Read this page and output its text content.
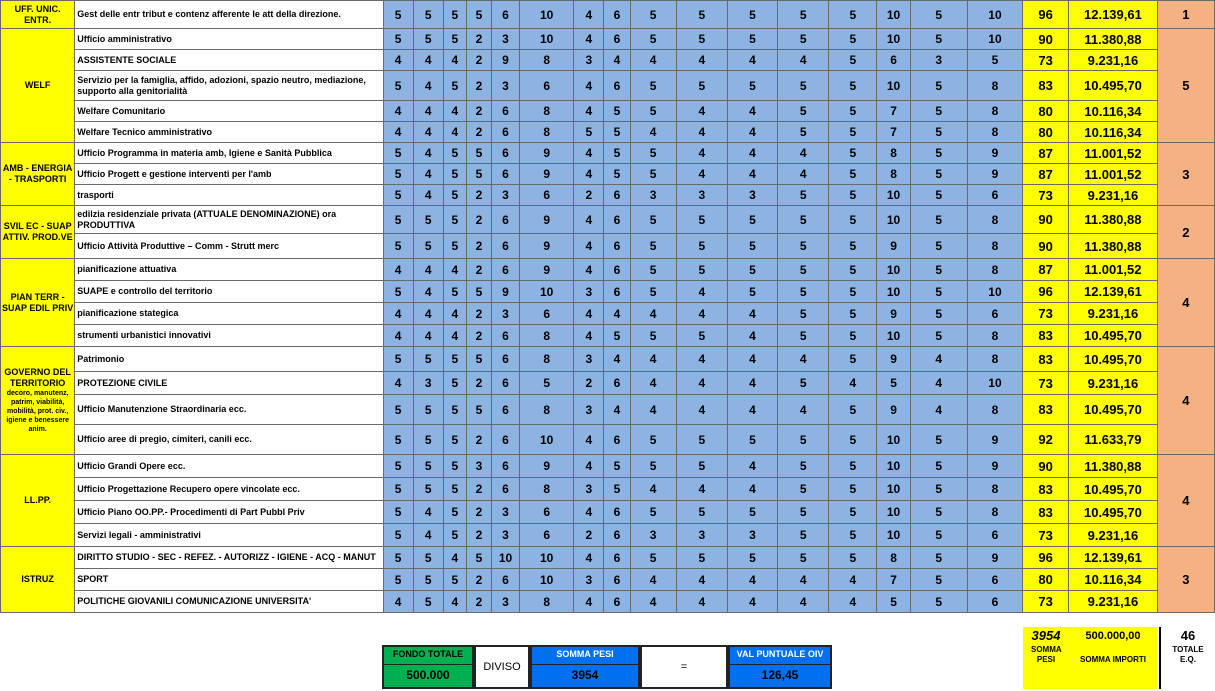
UFF. UNIC. ENTR.	Gest delle entr tribut e contenz afferente le att della direzione.	5	5	5	5	6	10	4	6	5	5	5	5	5	10	5	10	96	12.139,61	1
WELF	Ufficio amministrativo	5	5	5	2	3	10	4	6	5	5	5	5	5	10	5	10	90	11.380,88	5
	ASSISTENTE SOCIALE	4	4	4	2	9	8	3	4	4	4	4	4	5	6	3	5	73	9.231,16	
	Servizio per la famiglia, affido, adozioni, spazio neutro, mediazione, supporto alla genitorialità	5	4	5	2	3	6	4	6	5	5	5	5	5	10	5	8	83	10.495,70	
	Welfare Comunitario	4	4	4	2	6	8	4	5	5	4	4	5	5	7	5	8	80	10.116,34	
	Welfare Tecnico amministrativo	4	4	4	2	6	8	5	5	4	4	4	5	5	7	5	8	80	10.116,34	
AMB - ENERGIA - TRASPORTI	Ufficio Programma in materia amb, Igiene e Sanità Pubblica	5	4	5	5	6	9	4	5	5	4	4	4	5	8	5	9	87	11.001,52	3
	Ufficio Progett e gestione interventi per l'amb	5	4	5	5	6	9	4	5	5	4	4	4	5	8	5	9	87	11.001,52	
	trasporti	5	4	5	2	3	6	2	6	3	3	3	5	5	10	5	6	73	9.231,16	
SVIL EC - SUAP ATTIV. PROD.VE	edilzia residenziale privata (ATTUALE DENOMINAZIONE) ora PRODUTTIVA	5	5	5	2	6	9	4	6	5	5	5	5	5	10	5	8	90	11.380,88	2
	Ufficio Attività Produttive – Comm - Strutt merc	5	5	5	2	6	9	4	6	5	5	5	5	5	9	5	8	90	11.380,88	
PIAN TERR - SUAP EDIL PRIV	pianificazione attuativa	4	4	4	2	6	9	4	6	5	5	5	5	5	10	5	8	87	11.001,52	4
	SUAPE e controllo del territorio	5	4	5	5	9	10	3	6	5	4	5	5	5	10	5	10	96	12.139,61	
	pianificazione stategica	4	4	4	2	3	6	4	4	4	4	4	5	5	9	5	6	73	9.231,16	
	strumenti urbanistici innovativi	4	4	4	2	6	8	4	5	5	5	4	5	5	10	5	8	83	10.495,70	
GOVERNO DEL TERRITORIO
decoro, manutenz, patrim, viabilità, mobilità, prot. civ., igiene e benessere anim.	Patrimonio	5	5	5	5	6	8	3	4	4	4	4	4	5	9	4	8	83	10.495,70	4
	PROTEZIONE CIVILE	4	3	5	2	6	5	2	6	4	4	4	5	4	5	4	10	73	9.231,16	
	Ufficio Manutenzione Straordinaria ecc.	5	5	5	5	6	8	3	4	4	4	4	4	5	9	4	8	83	10.495,70	
	Ufficio aree di pregio, cimiteri, canili ecc.	5	5	5	2	6	10	4	6	5	5	5	5	5	10	5	9	92	11.633,79	
LL.PP.	Ufficio Grandi Opere ecc.	5	5	5	3	6	9	4	5	5	5	4	5	5	10	5	9	90	11.380,88	4
	Ufficio Progettazione Recupero opere vincolate ecc.	5	5	5	2	6	8	3	5	4	4	4	5	5	10	5	8	83	10.495,70	
	Ufficio Piano OO.PP.- Procedimenti di Part Pubbl Priv	5	4	5	2	3	6	4	6	5	5	5	5	5	10	5	8	83	10.495,70	
	Servizi legali - amministrativi	5	4	5	2	3	6	2	6	3	3	3	5	5	10	5	6	73	9.231,16	
ISTRUZ	DIRITTO STUDIO - SEC - REFEZ. - AUTORIZZ - IGIENE - ACQ - MANUT	5	5	4	5	10	10	4	6	5	5	5	5	5	8	5	9	96	12.139,61	3
	SPORT	5	5	5	2	6	10	3	6	4	4	4	4	4	7	5	6	80	10.116,34	
	POLITICHE GIOVANILI COMUNICAZIONE UNIVERSITA'	4	5	4	2	3	8	4	6	4	4	4	4	4	5	5	6	73	9.231,16	
3954
SOMMA PESI
500.000,00
SOMMA IMPORTI
46
TOTALE E.Q.
FONDO TOTALE
500.000
DIVISO
SOMMA PESI
3954
=
VAL PUNTUALE OIV
126,45
